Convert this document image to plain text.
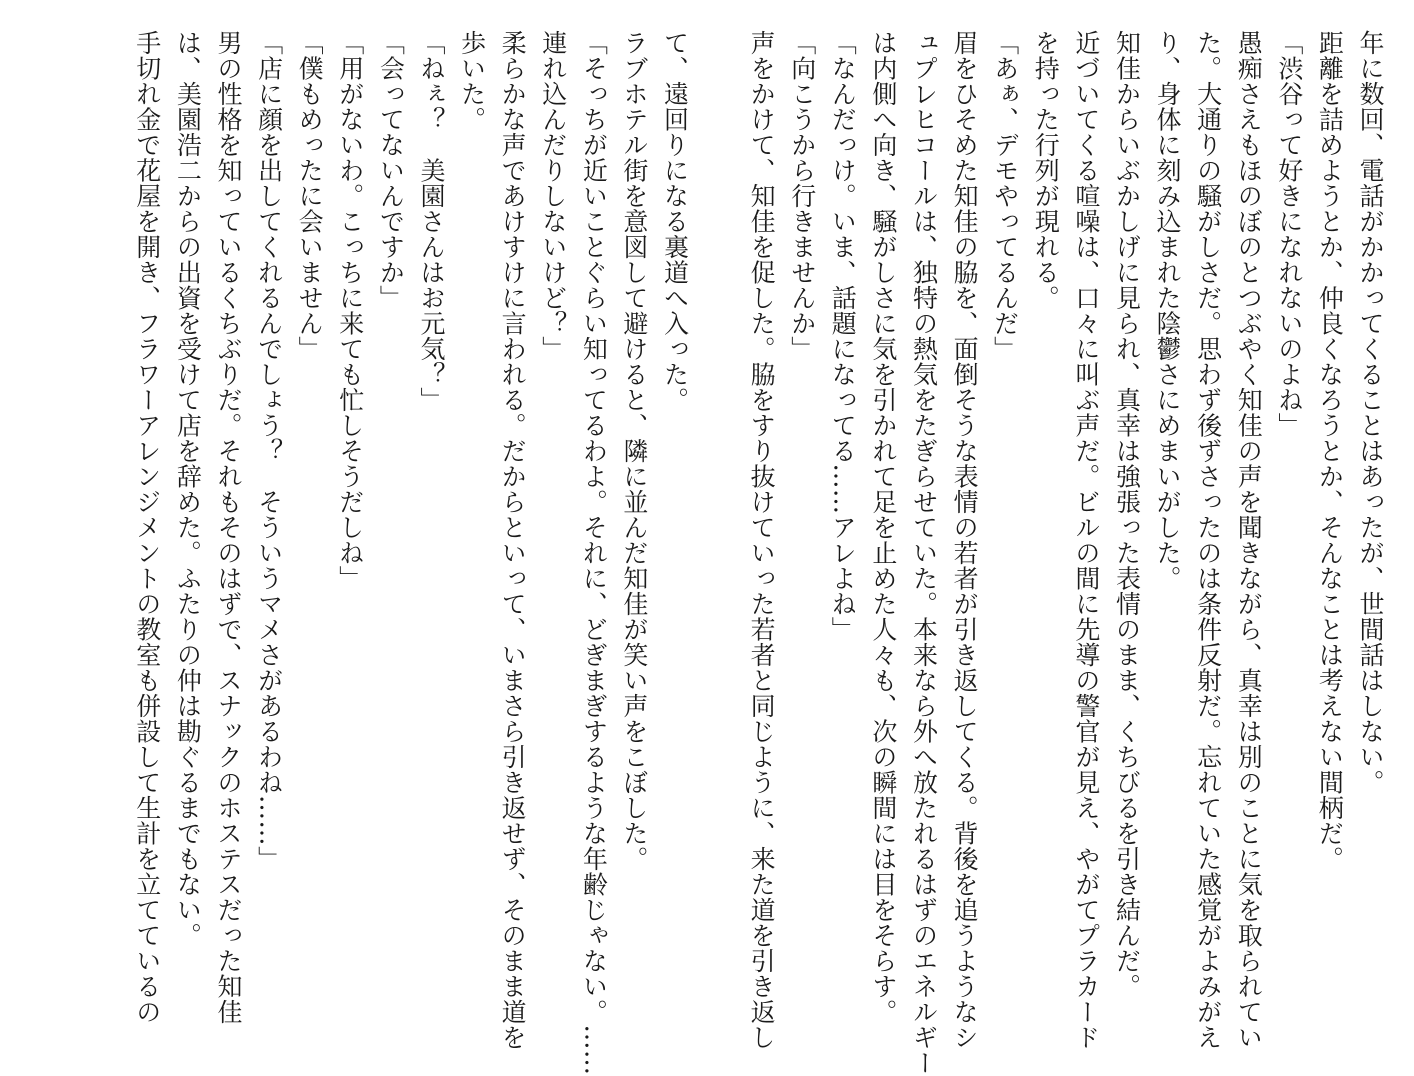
年に数回、電話がかかってくることはあったが、世間話はしない。

距離を詰めようとか、仲良くなろうとか、そんなことは考えない間柄だ。

「渋谷って好きになれないのよね」

愚痴さえもほのぼのとつぶやく知佳の声を聞きながら、真幸は別のことに気を取られてい

た。大通りの騒がしさだ。思わず後ずさったのは条件反射だ。忘れていた感覚がよみがえ

り、身体に刻み込まれた陰鬱さにめまいがした。

知佳からいぶかしげに見られ、真幸は強張った表情のまま、くちびるを引き結んだ。

近づいてくる喧噪は、口々に叫ぶ声だ。ビルの間に先導の警官が見え、やがてプラカード

を持った行列が現れる。

「あぁ、デモやってるんだ」

眉をひそめた知佳の脇を、面倒そうな表情の若者が引き返してくる。背後を追うようなシ

ュプレヒコールは、独特の熱気をたぎらせていた。本来なら外へ放たれるはずのエネルギー

は内側へ向き、騒がしさに気を引かれて足を止めた人々も、次の瞬間には目をそらす。

「なんだっけ。いま、話題になってる……アレよね」

「向こうから行きませんか」

声をかけて、知佳を促した。脇をすり抜けていった若者と同じように、来た道を引き返し

て、遠回りになる裏道へ入った。

ラブホテル街を意図して避けると、隣に並んだ知佳が笑い声をこぼした。

「そっちが近いことぐらい知ってるわよ。それに、どぎまぎするような年齢じゃない。……

連れ込んだりしないけど？」

柔らかな声であけすけに言われる。だからといって、いまさら引き返せず、そのまま道を

歩いた。

「ねぇ？　美園さんはお元気？」

「会ってないんですか」

「用がないわ。こっちに来ても忙しそうだしね」

「僕もめったに会いません」

「店に顔を出してくれるんでしょう？　そういうマメさがあるわね……」

男の性格を知っているくちぶりだ。それもそのはずで、スナックのホステスだった知佳

は、美園浩二からの出資を受けて店を辞めた。ふたりの仲は勘ぐるまでもない。

手切れ金で花屋を開き、フラワーアレンジメントの教室も併設して生計を立てているの
